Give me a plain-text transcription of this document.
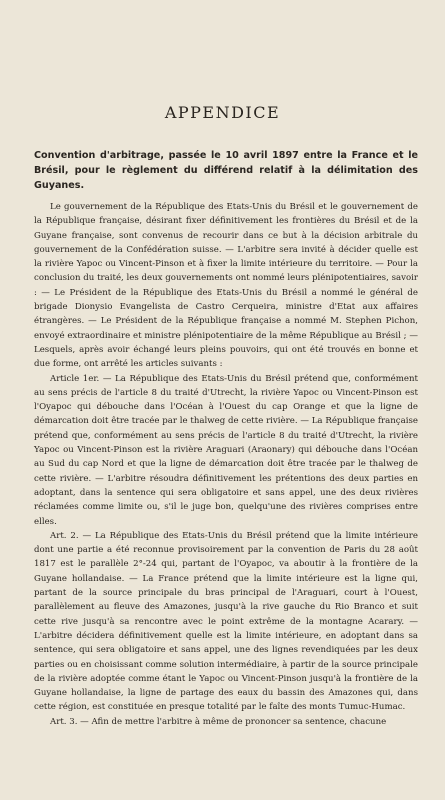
APPENDICE
Convention d'arbitrage, passée le 10 avril 1897 entre la France et le Brésil, pour le règlement du différend relatif à la délimitation des Guyanes.

Le gouvernement de la République des Etats-Unis du Brésil et le gouvernement de la République française, désirant fixer définitivement les frontières du Brésil et de la Guyane française, sont convenus de recourir dans ce but à la décision arbitrale du gouvernement de la Confédération suisse. — L'arbitre sera invité à décider quelle est la rivière Yapoc ou Vincent-Pinson et à fixer la limite intérieure du territoire. — Pour la conclusion du traité, les deux gouvernements ont nommé leurs plénipotentiaires, savoir : — Le Président de la République des Etats-Unis du Brésil a nommé le général de brigade Dionysio Evangelista de Castro Cerqueira, ministre d'Etat aux affaires étrangères. — Le Président de la République française a nommé M. Stephen Pichon, envoyé extraordinaire et ministre plénipotentiaire de la même République au Brésil ; — Lesquels, après avoir échangé leurs pleins pouvoirs, qui ont été trouvés en bonne et due forme, ont arrêté les articles suivants :

Article 1er. — La République des Etats-Unis du Brésil prétend que, conformément au sens précis de l'article 8 du traité d'Utrecht, la rivière Yapoc ou Vincent-Pinson est l'Oyapoc qui débouche dans l'Océan à l'Ouest du cap Orange et que la ligne de démarcation doit être tracée par le thalweg de cette rivière. — La République française prétend que, conformément au sens précis de l'article 8 du traité d'Utrecht, la rivière Yapoc ou Vincent-Pinson est la rivière Araguari (Araonary) qui débouche dans l'Océan au Sud du cap Nord et que la ligne de démarcation doit être tracée par le thalweg de cette rivière. — L'arbitre résoudra définitivement les prétentions des deux parties en adoptant, dans la sentence qui sera obligatoire et sans appel, une des deux rivières réclamées comme limite ou, s'il le juge bon, quelqu'une des rivières comprises entre elles.

Art. 2. — La République des Etats-Unis du Brésil prétend que la limite intérieure dont une partie a été reconnue provisoirement par la convention de Paris du 28 août 1817 est le parallèle 2°-24 qui, partant de l'Oyapoc, va aboutir à la frontière de la Guyane hollandaise. — La France prétend que la limite intérieure est la ligne qui, partant de la source principale du bras principal de l'Araguari, court à l'Ouest, parallèlement au fleuve des Amazones, jusqu'à la rive gauche du Rio Branco et suit cette rive jusqu'à sa rencontre avec le point extrême de la montagne Acarary. — L'arbitre décidera définitivement quelle est la limite intérieure, en adoptant dans sa sentence, qui sera obligatoire et sans appel, une des lignes revendiquées par les deux parties ou en choisissant comme solution intermédiaire, à partir de la source principale de la rivière adoptée comme étant le Yapoc ou Vincent-Pinson jusqu'à la frontière de la Guyane hollandaise, la ligne de partage des eaux du bassin des Amazones qui, dans cette région, est constituée en presque totalité par le faîte des monts Tumuc-Humac.

Art. 3. — Afin de mettre l'arbitre à même de prononcer sa sentence, chacune
